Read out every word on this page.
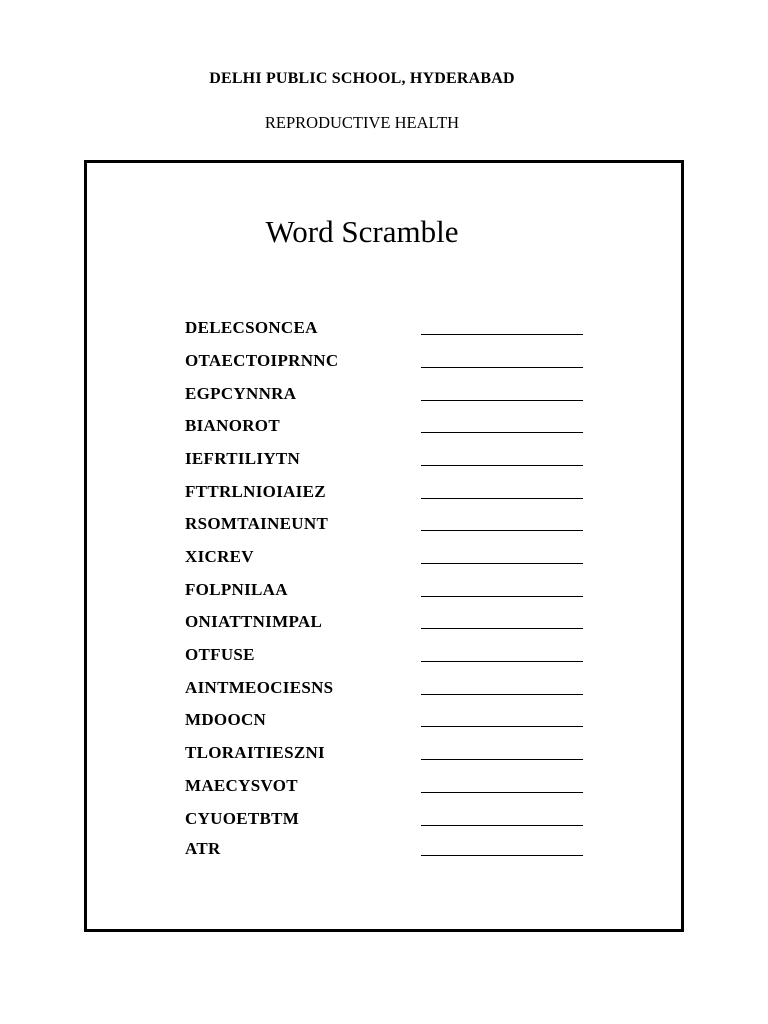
DELHI PUBLIC SCHOOL, HYDERABAD
REPRODUCTIVE HEALTH
Word Scramble
DELECSONCEA
OTAECTOIPRNNC
EGPCYNNRA
BIANOROT
IEFRTILIYTN
FTTRLNIOIAIEZ
RSOMTAINEUNT
XICREV
FOLPNILAA
ONIATTNIMPAL
OTFUSE
AINTMEOCIESNS
MDOOCN
TLORAITIESZNI
MAECYSVOT
CYUOETBTM
ATR
